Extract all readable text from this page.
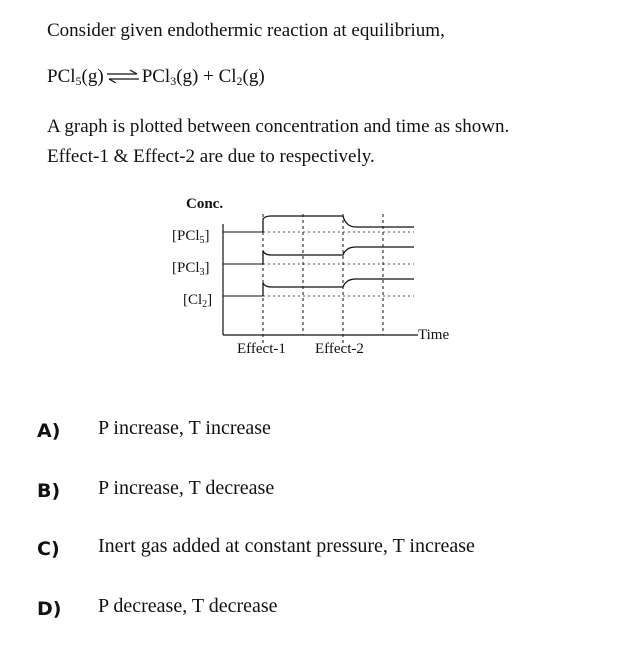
Consider given endothermic reaction at equilibrium,
PCl$_5$(g) ⇌ $PCl_3(g) + Cl_2(g)$
A graph is plotted between concentration and time as shown.
Effect-1 & Effect-2 are due to respectively.
Conc.
[PCl$_5$]
[PCl$_3$]
$[Cl_2]$
Time
Effect-1 Effect-2
A) P increase, T increase
B) P increase, T decrease
C) Inert gas added at constant pressure, T increase
D) P decrease, T decrease
